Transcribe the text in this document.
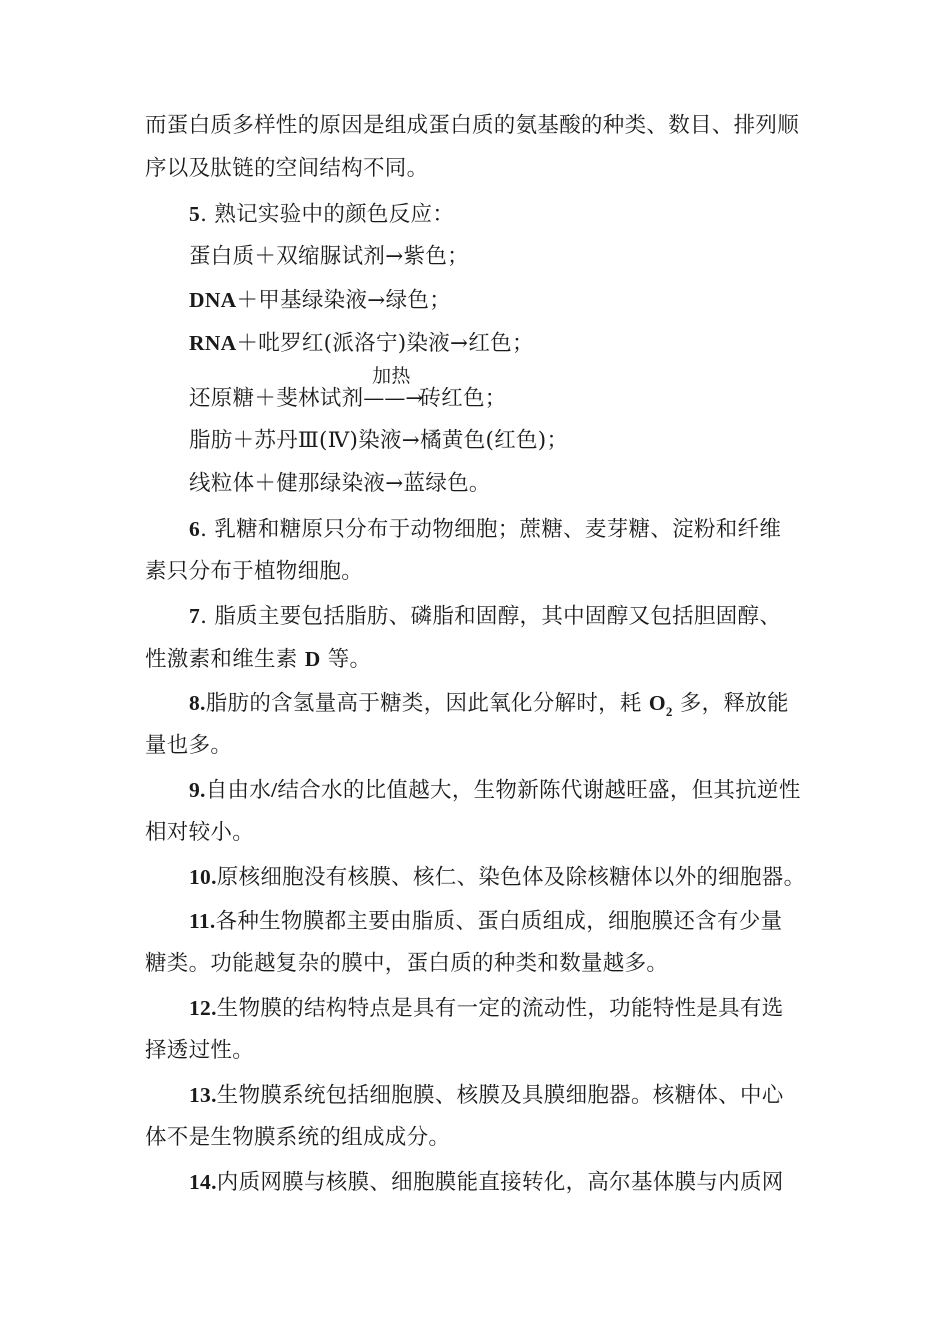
而蛋白质多样性的原因是组成蛋白质的氨基酸的种类、数目、排列顺
序以及肽链的空间结构不同。
5. 熟记实验中的颜色反应：
蛋白质＋双缩脲试剂→紫色；
DNA＋甲基绿染液→绿色；
RNA＋吡罗红(派洛宁)染液→红色；
还原糖＋斐林试剂
加热
——→砖红色；
脂肪＋苏丹Ⅲ(Ⅳ)染液→橘黄色(红色)；
线粒体＋健那绿染液→蓝绿色。
6. 乳糖和糖原只分布于动物细胞；蔗糖、麦芽糖、淀粉和纤维
素只分布于植物细胞。
7. 脂质主要包括脂肪、磷脂和固醇，其中固醇又包括胆固醇、
性激素和维生素 D 等。
8.脂肪的含氢量高于糖类，因此氧化分解时，耗 $O_2$ 多，释放能
量也多。
9.自由水/结合水的比值越大，生物新陈代谢越旺盛，但其抗逆性
相对较小。
10.原核细胞没有核膜、核仁、染色体及除核糖体以外的细胞器。
11.各种生物膜都主要由脂质、蛋白质组成，细胞膜还含有少量
糖类。功能越复杂的膜中，蛋白质的种类和数量越多。
12.生物膜的结构特点是具有一定的流动性，功能特性是具有选
择透过性。
13.生物膜系统包括细胞膜、核膜及具膜细胞器。核糖体、中心
体不是生物膜系统的组成成分。
14.内质网膜与核膜、细胞膜能直接转化，高尔基体膜与内质网
